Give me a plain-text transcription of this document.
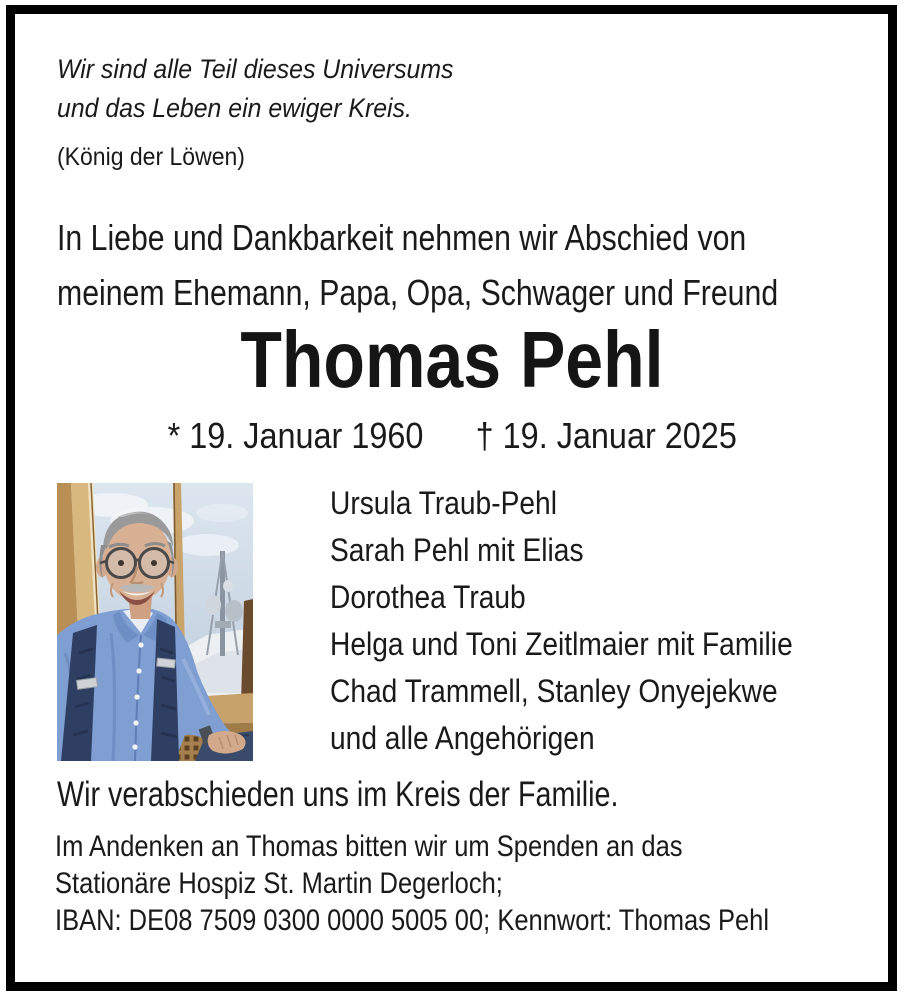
Wir sind alle Teil dieses Universums
und das Leben ein ewiger Kreis.
(König der Löwen)
In Liebe und Dankbarkeit nehmen wir Abschied von
meinem Ehemann, Papa, Opa, Schwager und Freund
Thomas Pehl
* 19. Januar 1960 † 19. Januar 2025
Ursula Traub-Pehl
Sarah Pehl mit Elias
Dorothea Traub
Helga und Toni Zeitlmaier mit Familie
Chad Trammell, Stanley Onyejekwe
und alle Angehörigen
Wir verabschieden uns im Kreis der Familie.
Im Andenken an Thomas bitten wir um Spenden an das
Stationäre Hospiz St. Martin Degerloch;
IBAN: DE08 7509 0300 0000 5005 00; Kennwort: Thomas Pehl
